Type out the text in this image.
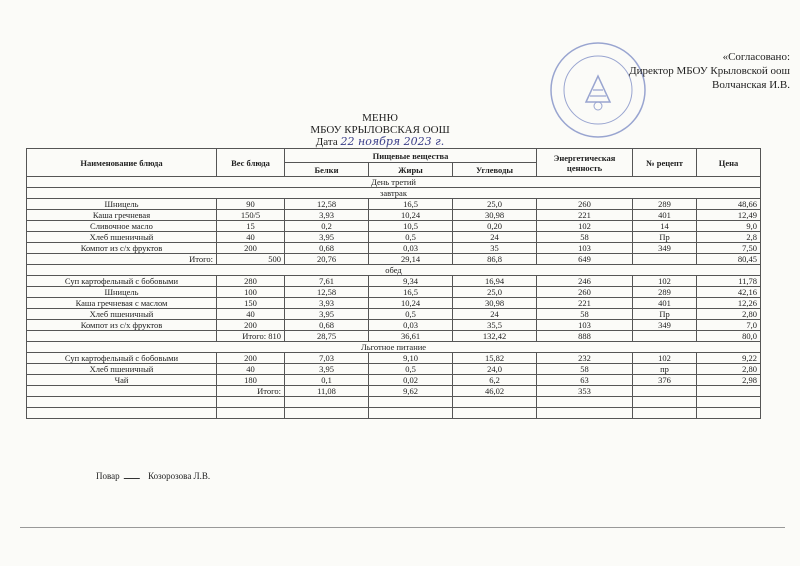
«Согласовано:
Директор МБОУ Крыловской оош
Волчанская И.В.
МЕНЮ
МБОУ КРЫЛОВСКАЯ ООШ
Дата 22 ноября 2023 г.
Наименование блюда	Вес блюда	Пищевые вещества			Энергетическая ценность	№ рецепт	Цена
		Белки	Жиры	Углеводы			
День третий							
завтрак							
Шницель	90	12,58	16,5	25,0	260	289	48,66
Каша гречневая	150/5	3,93	10,24	30,98	221	401	12,49
Сливочное масло	15	0,2	10,5	0,20	102	14	9,0
Хлеб пшеничный	40	3,95	0,5	24	58	Пр	2,8
Компот из с/х фруктов	200	0,68	0,03	35	103	349	7,50
Итого:	500	20,76	29,14	86,8	649		80,45
обед							
Суп картофельный с бобовыми	280	7,61	9,34	16,94	246	102	11,78
Шницель	100	12,58	16,5	25,0	260	289	42,16
Каша гречневая с маслом	150	3,93	10,24	30,98	221	401	12,26
Хлеб пшеничный	40	3,95	0,5	24	58	Пр	2,80
Компот из с/х фруктов	200	0,68	0,03	35,5	103	349	7,0
	Итого: 810	28,75	36,61	132,42	888		80,0
Льготное питание							
Суп картофельный с бобовыми	200	7,03	9,10	15,82	232	102	9,22
Хлеб пшеничный	40	3,95	0,5	24,0	58	пр	2,80
Чай	180	0,1	0,02	6,2	63	376	2,98
	Итого:	11,08	9,62	46,02	353		

Повар	Козорозова Л.В.
